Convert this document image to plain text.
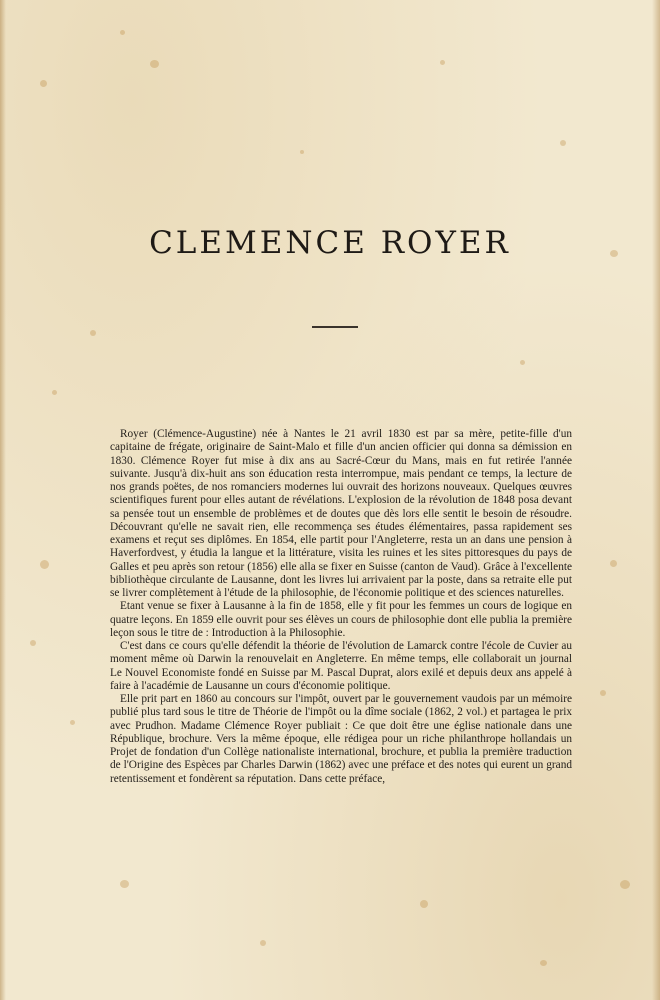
CLEMENCE ROYER

Royer (Clémence-Augustine) née à Nantes le 21 avril 1830 est par sa mère, petite-fille d'un capitaine de frégate, originaire de Saint-Malo et fille d'un ancien officier qui donna sa démission en 1830. Clémence Royer fut mise à dix ans au Sacré-Cœur du Mans, mais en fut retirée l'année suivante. Jusqu'à dix-huit ans son éducation resta interrompue, mais pendant ce temps, la lecture de nos grands poëtes, de nos romanciers modernes lui ouvrait des horizons nouveaux. Quelques œuvres scientifiques furent pour elles autant de révélations. L'explosion de la révolution de 1848 posa devant sa pensée tout un ensemble de problèmes et de doutes que dès lors elle sentit le besoin de résoudre. Découvrant qu'elle ne savait rien, elle recommença ses études élémentaires, passa rapidement ses examens et reçut ses diplômes. En 1854, elle partit pour l'Angleterre, resta un an dans une pension à Haverfordvest, y étudia la langue et la littérature, visita les ruines et les sites pittoresques du pays de Galles et peu après son retour (1856) elle alla se fixer en Suisse (canton de Vaud). Grâce à l'excellente bibliothèque circulante de Lausanne, dont les livres lui arrivaient par la poste, dans sa retraite elle put se livrer complètement à l'étude de la philosophie, de l'économie politique et des sciences naturelles.

Etant venue se fixer à Lausanne à la fin de 1858, elle y fit pour les femmes un cours de logique en quatre leçons. En 1859 elle ouvrit pour ses élèves un cours de philosophie dont elle publia la première leçon sous le titre de : Introduction à la Philosophie.

C'est dans ce cours qu'elle défendit la théorie de l'évolution de Lamarck contre l'école de Cuvier au moment même où Darwin la renouvelait en Angleterre. En même temps, elle collaborait un journal Le Nouvel Economiste fondé en Suisse par M. Pascal Duprat, alors exilé et depuis deux ans appelé à faire à l'académie de Lausanne un cours d'économie politique.

Elle prit part en 1860 au concours sur l'impôt, ouvert par le gouvernement vaudois par un mémoire publié plus tard sous le titre de Théorie de l'impôt ou la dîme sociale (1862, 2 vol.) et partagea le prix avec Prudhon. Madame Clémence Royer publiait : Ce que doit être une église nationale dans une République, brochure. Vers la même époque, elle rédigea pour un riche philanthrope hollandais un Projet de fondation d'un Collège nationaliste international, brochure, et publia la première traduction de l'Origine des Espèces par Charles Darwin (1862) avec une préface et des notes qui eurent un grand retentissement et fondèrent sa réputation. Dans cette préface,
